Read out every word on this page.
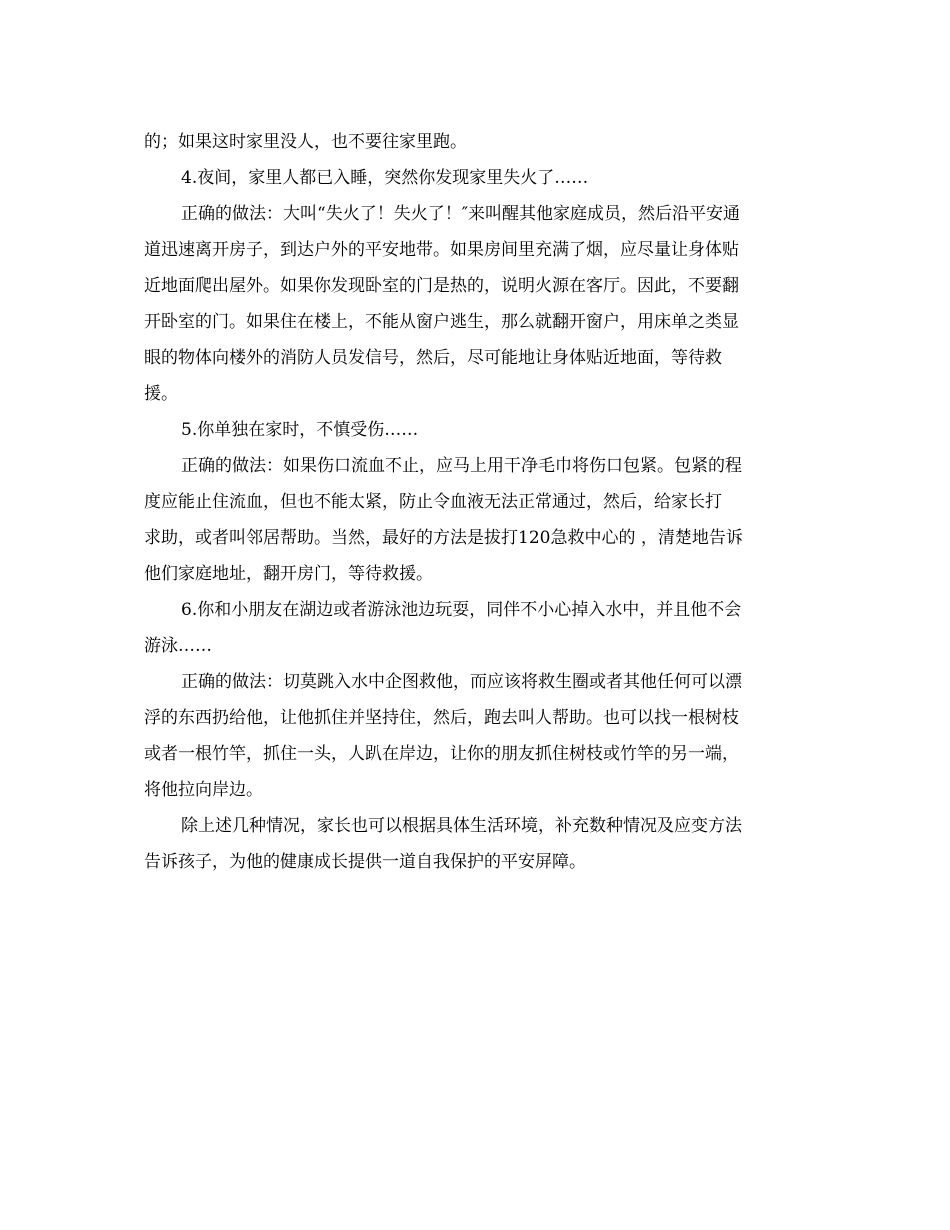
的；如果这时家里没人，也不要往家里跑。
4.夜间，家里人都已入睡，突然你发现家里失火了……
正确的做法：大叫“失火了！失火了！″来叫醒其他家庭成员，然后沿平安通
道迅速离开房子，到达户外的平安地带。如果房间里充满了烟，应尽量让身体贴
近地面爬出屋外。如果你发现卧室的门是热的，说明火源在客厅。因此，不要翻
开卧室的门。如果住在楼上，不能从窗户逃生，那么就翻开窗户，用床单之类显
眼的物体向楼外的消防人员发信号，然后，尽可能地让身体贴近地面，等待救
援。
5.你单独在家时，不慎受伤……
正确的做法：如果伤口流血不止，应马上用干净毛巾将伤口包紧。包紧的程
度应能止住流血，但也不能太紧，防止令血液无法正常通过，然后，给家长打
求助，或者叫邻居帮助。当然，最好的方法是拔打120急救中心的 ，清楚地告诉
他们家庭地址，翻开房门，等待救援。
6.你和小朋友在湖边或者游泳池边玩耍，同伴不小心掉入水中，并且他不会
游泳……
正确的做法：切莫跳入水中企图救他，而应该将救生圈或者其他任何可以漂
浮的东西扔给他，让他抓住并坚持住，然后，跑去叫人帮助。也可以找一根树枝
或者一根竹竿，抓住一头，人趴在岸边，让你的朋友抓住树枝或竹竿的另一端，
将他拉向岸边。
除上述几种情况，家长也可以根据具体生活环境，补充数种情况及应变方法
告诉孩子，为他的健康成长提供一道自我保护的平安屏障。
